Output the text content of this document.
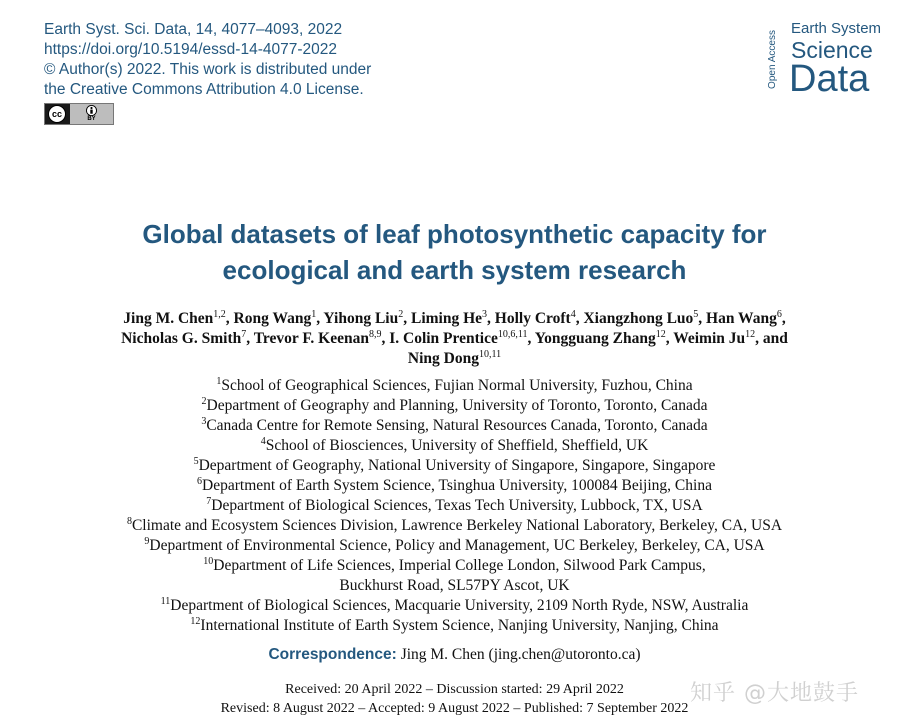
Earth Syst. Sci. Data, 14, 4077–4093, 2022
https://doi.org/10.5194/essd-14-4077-2022
© Author(s) 2022. This work is distributed under
the Creative Commons Attribution 4.0 License.
cc	BY
Open Access
Earth System
Science
Data
Global datasets of leaf photosynthetic capacity for
ecological and earth system research
Jing M. Chen$^{1,2}$, Rong Wang$^1$, Yihong Liu$^2$, Liming He$^3$, Holly Croft$^4$, Xiangzhong Luo$^5$, Han Wang$^6$,
Nicholas G. Smith$^7$, Trevor F. Keenan$^{8,9}$, I. Colin Prentice$^{10,6,11}$, Yongguang Zhang$^{12}$, Weimin Ju$^{12}$, and
Ning Dong$^{10,11}$
$^1$School of Geographical Sciences, Fujian Normal University, Fuzhou, China
$^2$Department of Geography and Planning, University of Toronto, Toronto, Canada
$^3$Canada Centre for Remote Sensing, Natural Resources Canada, Toronto, Canada
$^4$School of Biosciences, University of Sheffield, Sheffield, UK
$^5$Department of Geography, National University of Singapore, Singapore, Singapore
$^6$Department of Earth System Science, Tsinghua University, 100084 Beijing, China
$^7$Department of Biological Sciences, Texas Tech University, Lubbock, TX, USA
$^8$Climate and Ecosystem Sciences Division, Lawrence Berkeley National Laboratory, Berkeley, CA, USA
$^9$Department of Environmental Science, Policy and Management, UC Berkeley, Berkeley, CA, USA
$^{10}$Department of Life Sciences, Imperial College London, Silwood Park Campus,
Buckhurst Road, SL57PY Ascot, UK
$^{11}$Department of Biological Sciences, Macquarie University, 2109 North Ryde, NSW, Australia
$^{12}$International Institute of Earth System Science, Nanjing University, Nanjing, China
Correspondence: Jing M. Chen (jing.chen@utoronto.ca)
Received: 20 April 2022 – Discussion started: 29 April 2022
Revised: 8 August 2022 – Accepted: 9 August 2022 – Published: 7 September 2022
知乎 @大地鼓手
